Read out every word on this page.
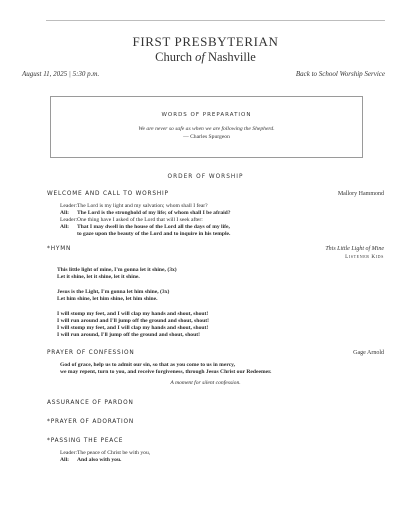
FIRST PRESBYTERIAN
Church of Nashville
August 11, 2025 | 5:30 p.m.	Back to School Worship Service
WORDS OF PREPARATION
We are never so safe as when we are following the Shepherd.
— Charles Spurgeon
ORDER OF WORSHIP
WELCOME AND CALL TO WORSHIP	Mallory Hammond
Leader: The Lord is my light and my salvation; whom shall I fear?
All:	The Lord is the stronghold of my life; of whom shall I be afraid?
Leader: One thing have I asked of the Lord that will I seek after:
All:	That I may dwell in the house of the Lord all the days of my life,
to gaze upon the beauty of the Lord and to inquire in his temple.
*HYMN	This Little Light of Mine
Listener Kids
This little light of mine, I'm gonna let it shine, (3x)
Let it shine, let it shine, let it shine.
Jesus is the Light, I'm gonna let him shine, (3x)
Let him shine, let him shine, let him shine.
I will stomp my feet, and I will clap my hands and shout, shout!
I will run around and I'll jump off the ground and shout, shout!
I will stomp my feet, and I will clap my hands and shout, shout!
I will run around, I'll jump off the ground and shout, shout!
PRAYER OF CONFESSION	Gage Arnold
God of grace, help us to admit our sin, so that as you come to us in mercy,
we may repent, turn to you, and receive forgiveness, through Jesus Christ our Redeemer.
A moment for silent confession.
ASSURANCE OF PARDON
*PRAYER OF ADORATION
*PASSING THE PEACE
Leader: The peace of Christ be with you,
All:	And also with you.
